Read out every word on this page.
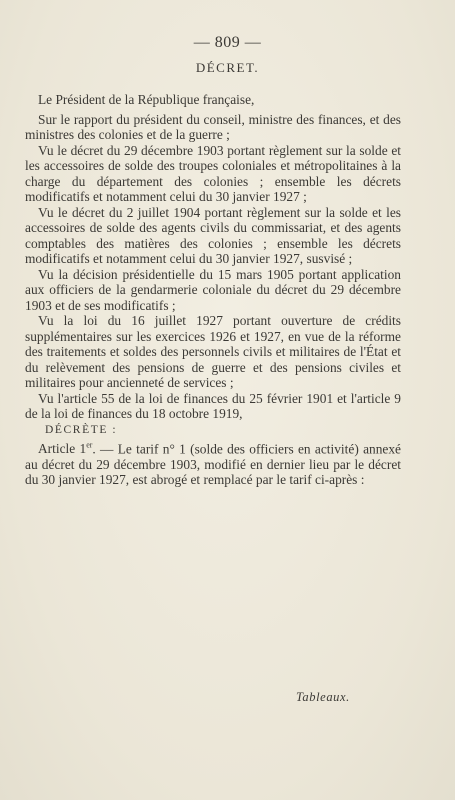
— 809 —
DÉCRET.

Le Président de la République française,

Sur le rapport du président du conseil, ministre des finances, et des ministres des colonies et de la guerre ;

Vu le décret du 29 décembre 1903 portant règlement sur la solde et les accessoires de solde des troupes coloniales et métropolitaines à la charge du département des colonies ; ensemble les décrets modificatifs et notamment celui du 30 janvier 1927 ;

Vu le décret du 2 juillet 1904 portant règlement sur la solde et les accessoires de solde des agents civils du commissariat, et des agents comptables des matières des colonies ; ensemble les décrets modificatifs et notamment celui du 30 janvier 1927, susvisé ;

Vu la décision présidentielle du 15 mars 1905 portant application aux officiers de la gendarmerie coloniale du décret du 29 décembre 1903 et de ses modificatifs ;

Vu la loi du 16 juillet 1927 portant ouverture de crédits supplémentaires sur les exercices 1926 et 1927, en vue de la réforme des traitements et soldes des personnels civils et militaires de l'État et du relèvement des pensions de guerre et des pensions civiles et militaires pour ancienneté de services ;

Vu l'article 55 de la loi de finances du 25 février 1901 et l'article 9 de la loi de finances du 18 octobre 1919,

DÉCRÈTE :

Article 1er. — Le tarif n° 1 (solde des officiers en activité) annexé au décret du 29 décembre 1903, modifié en dernier lieu par le décret du 30 janvier 1927, est abrogé et remplacé par le tarif ci-après :

Tableaux.
